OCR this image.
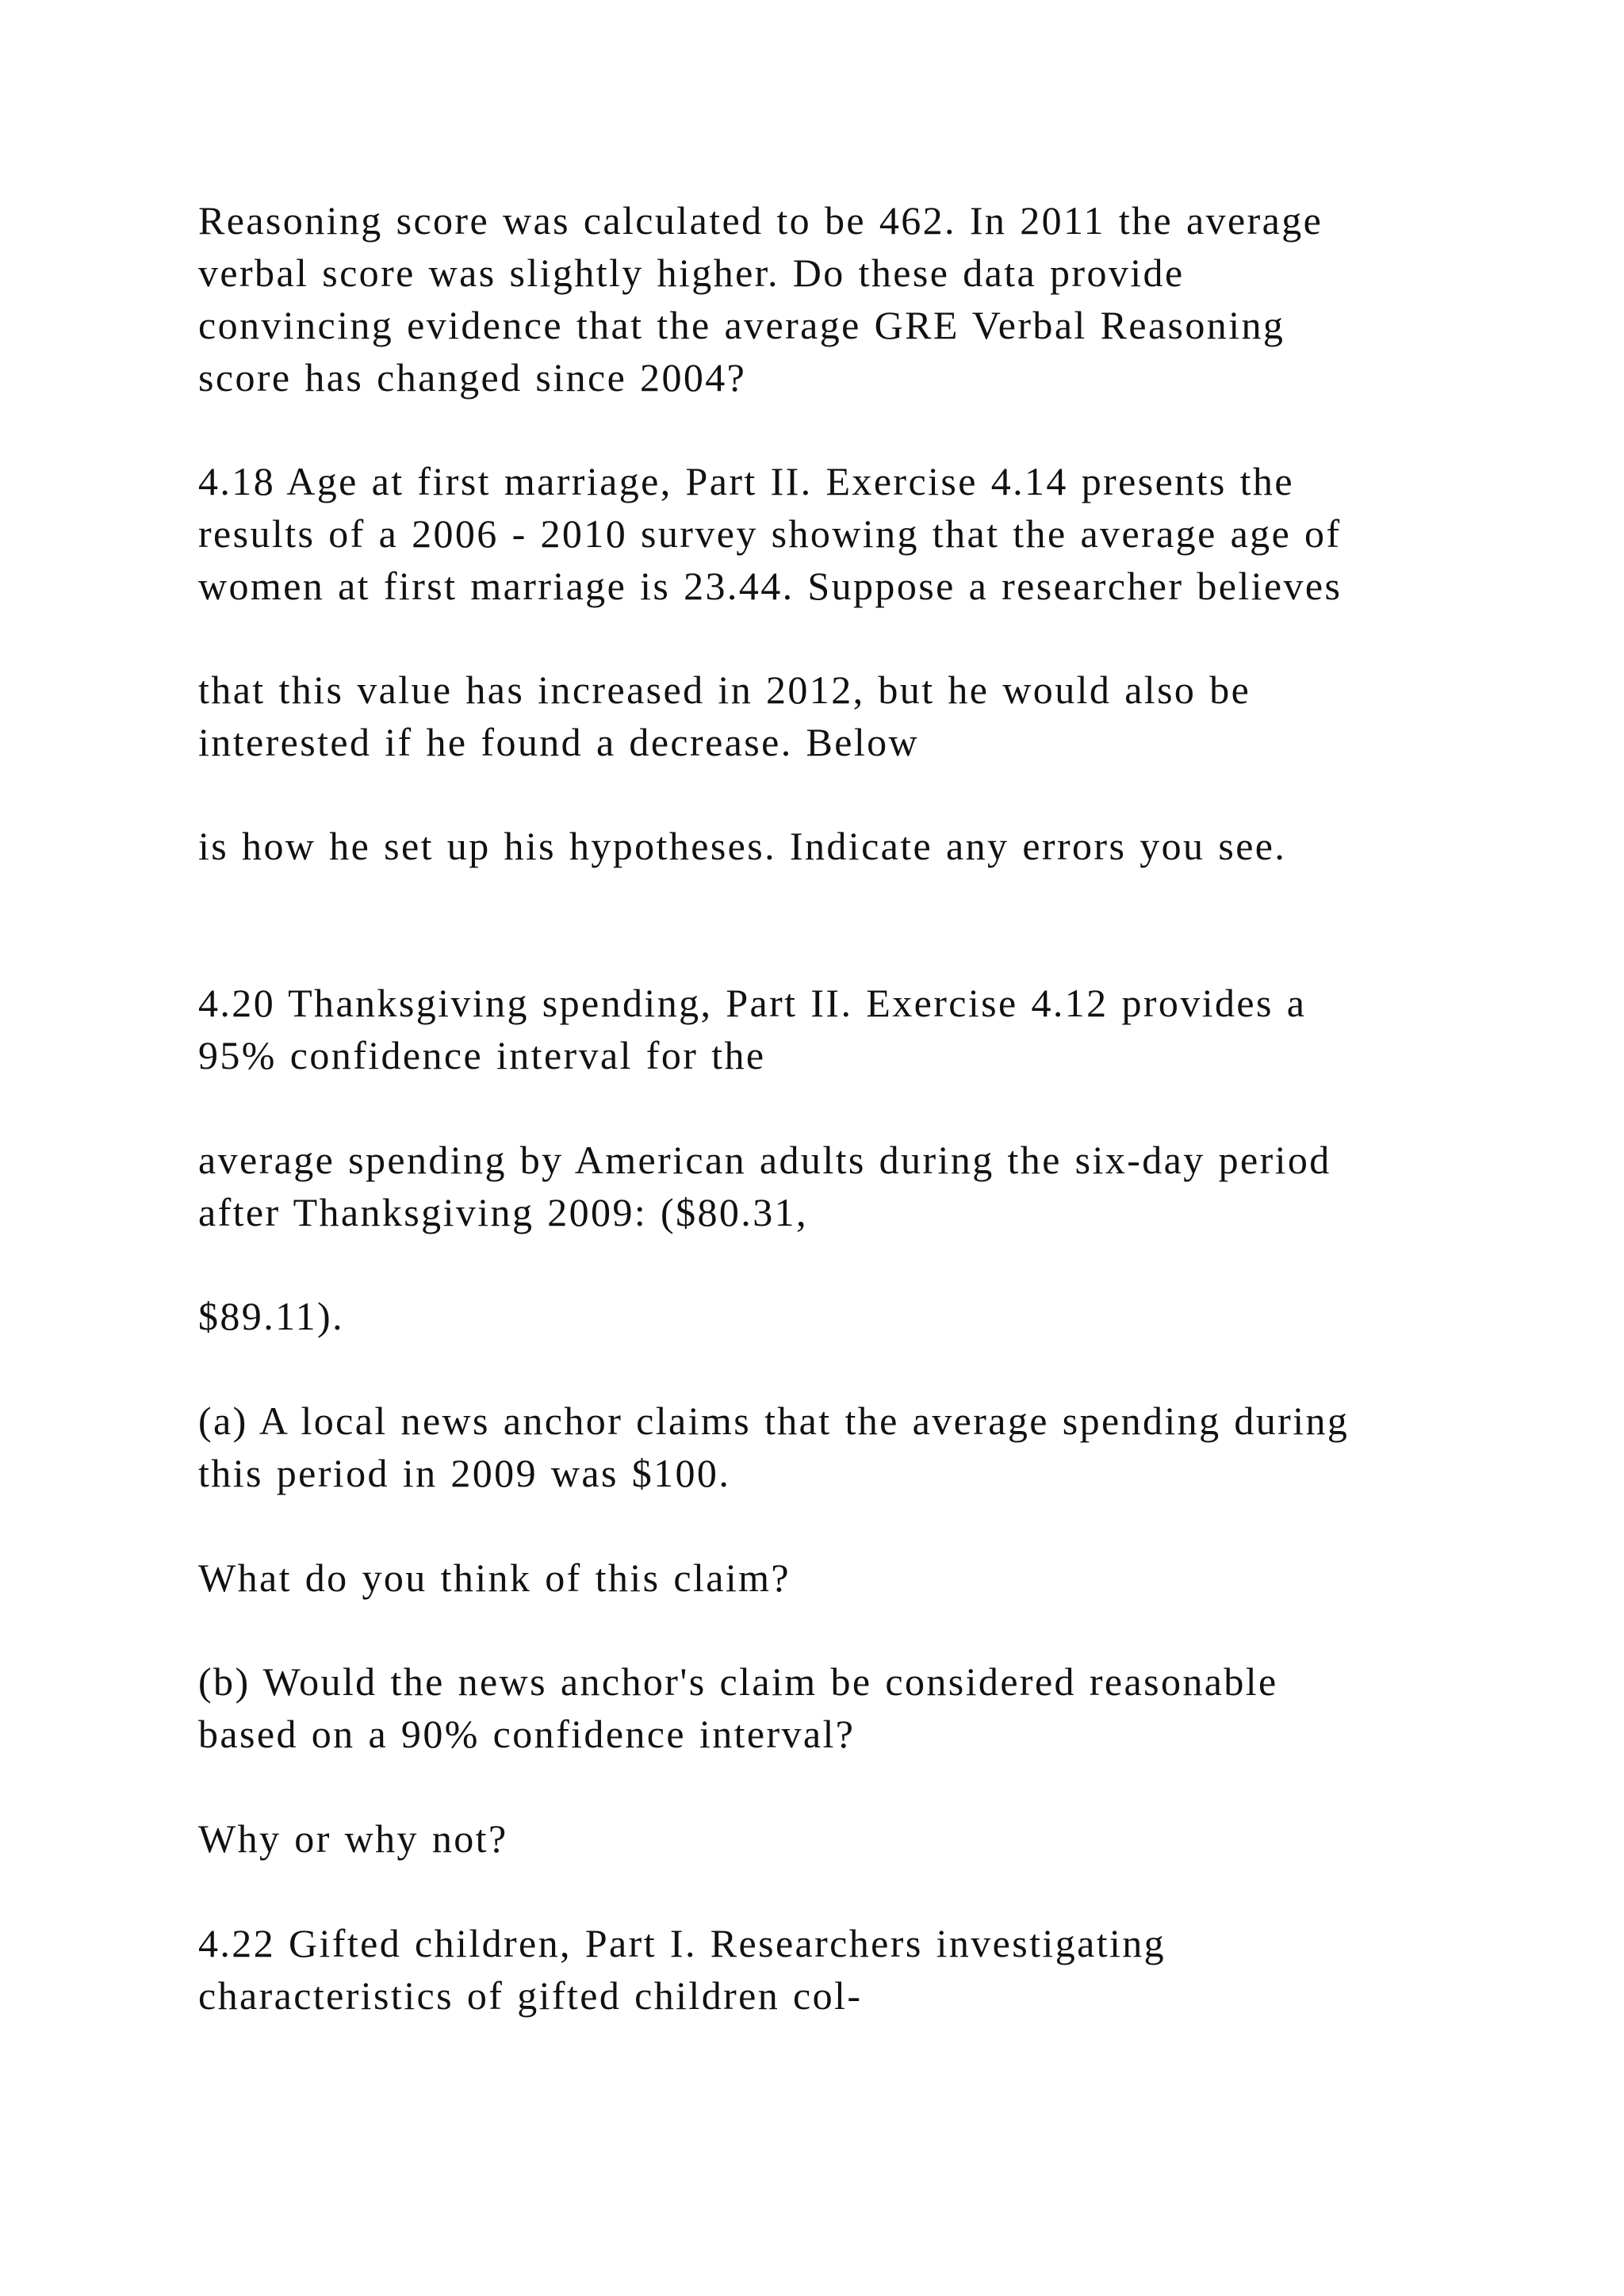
Reasoning score was calculated to be 462. In 2011 the average
verbal score was slightly higher. Do these data provide
convincing evidence that the average GRE Verbal Reasoning
score has changed since 2004?

4.18 Age at first marriage, Part II. Exercise 4.14 presents the
results of a 2006 - 2010 survey showing that the average age of
women at first marriage is 23.44. Suppose a researcher believes

that this value has increased in 2012, but he would also be
interested if he found a decrease. Below

is how he set up his hypotheses. Indicate any errors you see.

4.20 Thanksgiving spending, Part II. Exercise 4.12 provides a
95% confidence interval for the

average spending by American adults during the six-day period
after Thanksgiving 2009: ($80.31,

$89.11).

(a) A local news anchor claims that the average spending during
this period in 2009 was $100.

What do you think of this claim?

(b) Would the news anchor's claim be considered reasonable
based on a 90% confidence interval?

Why or why not?

4.22 Gifted children, Part I. Researchers investigating
characteristics of gifted children col-
